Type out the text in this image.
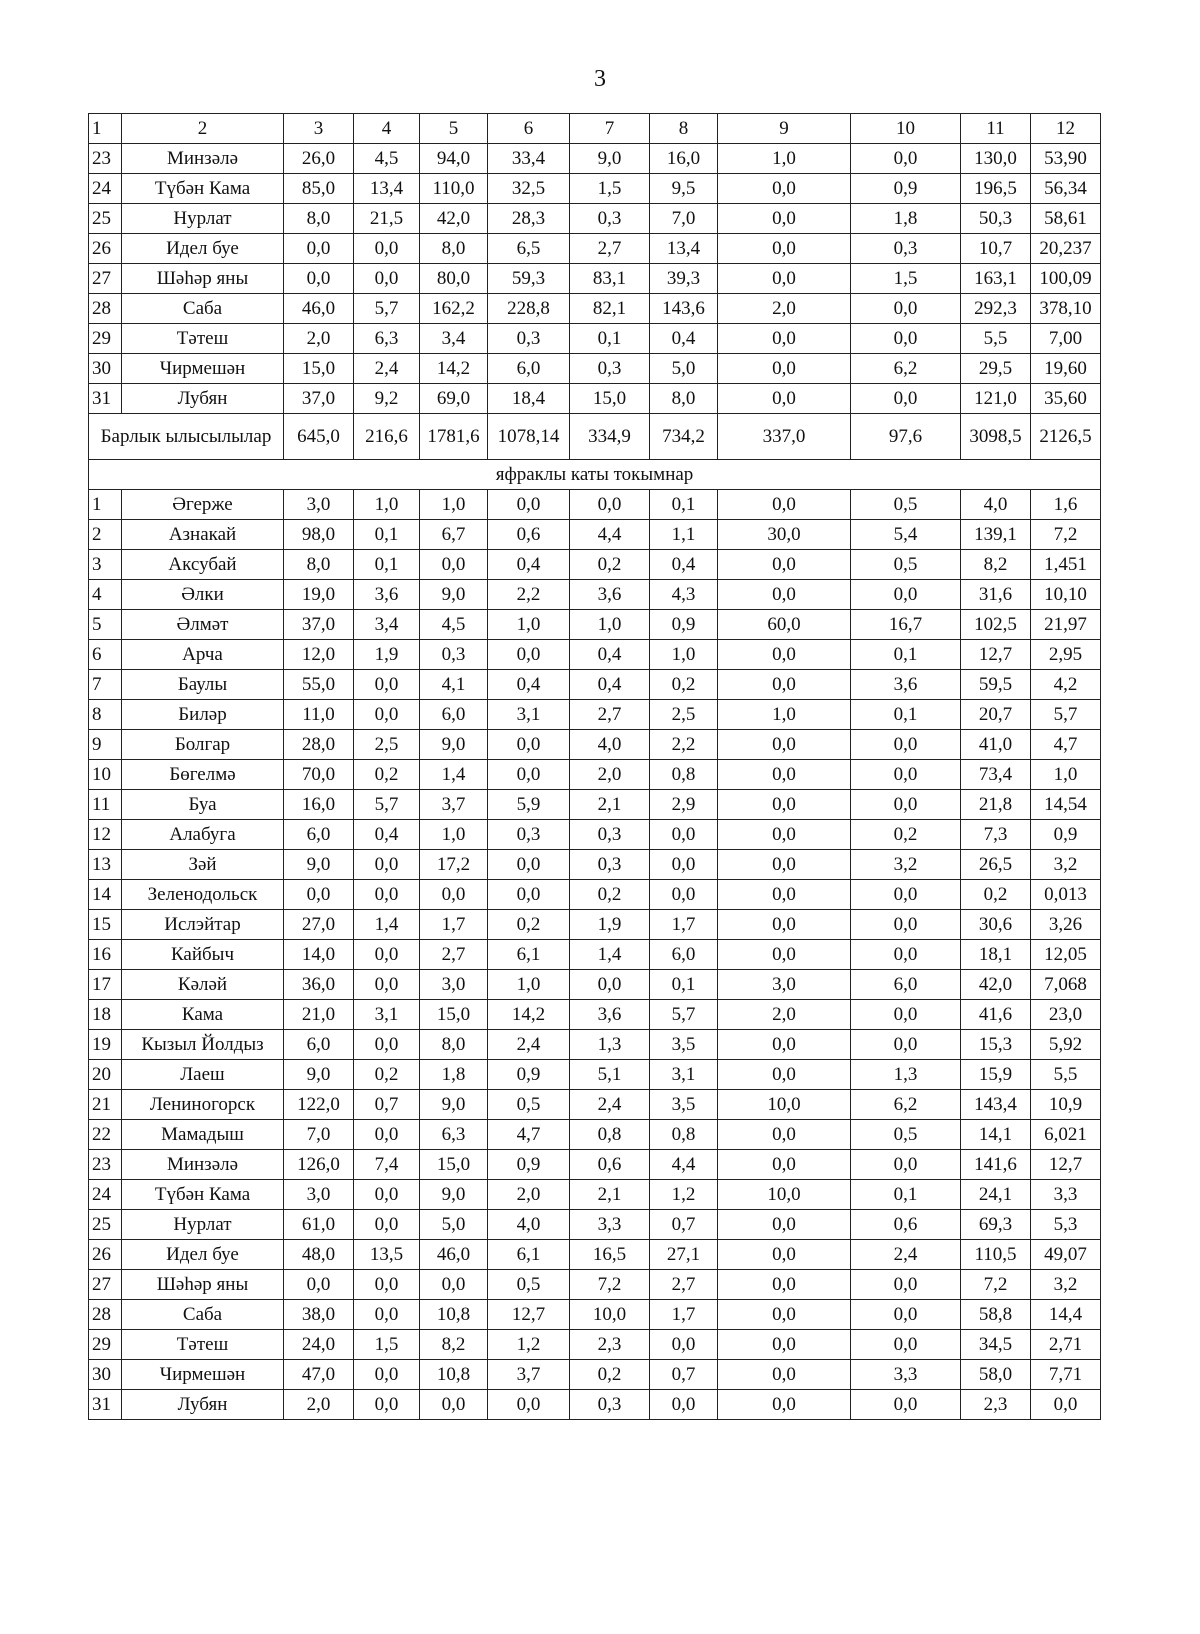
3
1	2	3	4	5	6	7	8	9	10	11	12
23	Минзәлә	26,0	4,5	94,0	33,4	9,0	16,0	1,0	0,0	130,0	53,90
24	Түбән Кама	85,0	13,4	110,0	32,5	1,5	9,5	0,0	0,9	196,5	56,34
25	Нурлат	8,0	21,5	42,0	28,3	0,3	7,0	0,0	1,8	50,3	58,61
26	Идел буе	0,0	0,0	8,0	6,5	2,7	13,4	0,0	0,3	10,7	20,237
27	Шәһәр яны	0,0	0,0	80,0	59,3	83,1	39,3	0,0	1,5	163,1	100,09
28	Саба	46,0	5,7	162,2	228,8	82,1	143,6	2,0	0,0	292,3	378,10
29	Тәтеш	2,0	6,3	3,4	0,3	0,1	0,4	0,0	0,0	5,5	7,00
30	Чирмешән	15,0	2,4	14,2	6,0	0,3	5,0	0,0	6,2	29,5	19,60
31	Лубян	37,0	9,2	69,0	18,4	15,0	8,0	0,0	0,0	121,0	35,60
Барлык ылысылылар		645,0	216,6	1781,6	1078,14	334,9	734,2	337,0	97,6	3098,5	2126,5
яфраклы каты токымнар											
1	Әгерже	3,0	1,0	1,0	0,0	0,0	0,1	0,0	0,5	4,0	1,6
2	Азнакай	98,0	0,1	6,7	0,6	4,4	1,1	30,0	5,4	139,1	7,2
3	Аксубай	8,0	0,1	0,0	0,4	0,2	0,4	0,0	0,5	8,2	1,451
4	Әлки	19,0	3,6	9,0	2,2	3,6	4,3	0,0	0,0	31,6	10,10
5	Әлмәт	37,0	3,4	4,5	1,0	1,0	0,9	60,0	16,7	102,5	21,97
6	Арча	12,0	1,9	0,3	0,0	0,4	1,0	0,0	0,1	12,7	2,95
7	Баулы	55,0	0,0	4,1	0,4	0,4	0,2	0,0	3,6	59,5	4,2
8	Биләр	11,0	0,0	6,0	3,1	2,7	2,5	1,0	0,1	20,7	5,7
9	Болгар	28,0	2,5	9,0	0,0	4,0	2,2	0,0	0,0	41,0	4,7
10	Бөгелмә	70,0	0,2	1,4	0,0	2,0	0,8	0,0	0,0	73,4	1,0
11	Буа	16,0	5,7	3,7	5,9	2,1	2,9	0,0	0,0	21,8	14,54
12	Алабуга	6,0	0,4	1,0	0,3	0,3	0,0	0,0	0,2	7,3	0,9
13	Зәй	9,0	0,0	17,2	0,0	0,3	0,0	0,0	3,2	26,5	3,2
14	Зеленодольск	0,0	0,0	0,0	0,0	0,2	0,0	0,0	0,0	0,2	0,013
15	Ислэйтар	27,0	1,4	1,7	0,2	1,9	1,7	0,0	0,0	30,6	3,26
16	Кайбыч	14,0	0,0	2,7	6,1	1,4	6,0	0,0	0,0	18,1	12,05
17	Кәләй	36,0	0,0	3,0	1,0	0,0	0,1	3,0	6,0	42,0	7,068
18	Кама	21,0	3,1	15,0	14,2	3,6	5,7	2,0	0,0	41,6	23,0
19	Кызыл Йолдыз	6,0	0,0	8,0	2,4	1,3	3,5	0,0	0,0	15,3	5,92
20	Лаеш	9,0	0,2	1,8	0,9	5,1	3,1	0,0	1,3	15,9	5,5
21	Лениногорск	122,0	0,7	9,0	0,5	2,4	3,5	10,0	6,2	143,4	10,9
22	Мамадыш	7,0	0,0	6,3	4,7	0,8	0,8	0,0	0,5	14,1	6,021
23	Минзәлә	126,0	7,4	15,0	0,9	0,6	4,4	0,0	0,0	141,6	12,7
24	Түбән Кама	3,0	0,0	9,0	2,0	2,1	1,2	10,0	0,1	24,1	3,3
25	Нурлат	61,0	0,0	5,0	4,0	3,3	0,7	0,0	0,6	69,3	5,3
26	Идел буе	48,0	13,5	46,0	6,1	16,5	27,1	0,0	2,4	110,5	49,07
27	Шәһәр яны	0,0	0,0	0,0	0,5	7,2	2,7	0,0	0,0	7,2	3,2
28	Саба	38,0	0,0	10,8	12,7	10,0	1,7	0,0	0,0	58,8	14,4
29	Тәтеш	24,0	1,5	8,2	1,2	2,3	0,0	0,0	0,0	34,5	2,71
30	Чирмешән	47,0	0,0	10,8	3,7	0,2	0,7	0,0	3,3	58,0	7,71
31	Лубян	2,0	0,0	0,0	0,0	0,3	0,0	0,0	0,0	2,3	0,0
